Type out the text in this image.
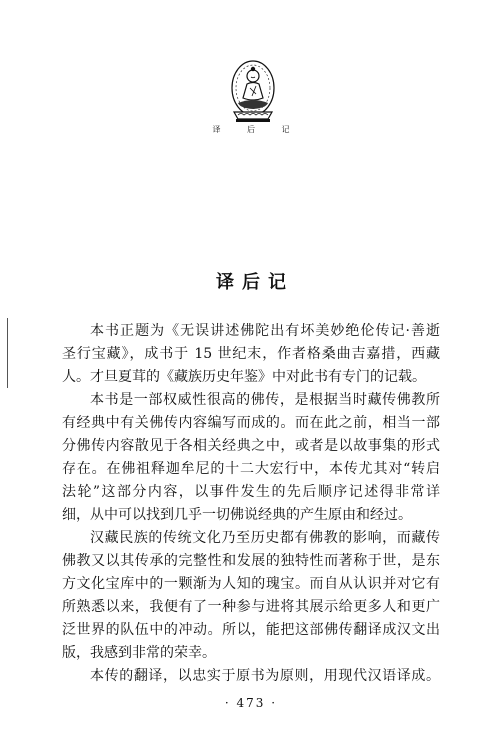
译 后 记
译后记
本书正题为《无误讲述佛陀出有坏美妙绝伦传记·善逝
圣行宝藏》，成书于 15 世纪末，作者格桑曲吉嘉措，西藏
人。才旦夏茸的《藏族历史年鉴》中对此书有专门的记载。
本书是一部权威性很高的佛传，是根据当时藏传佛教所
有经典中有关佛传内容编写而成的。而在此之前，相当一部
分佛传内容散见于各相关经典之中，或者是以故事集的形式
存在。在佛祖释迦牟尼的十二大宏行中，本传尤其对“转启
法轮”这部分内容，以事件发生的先后顺序记述得非常详
细，从中可以找到几乎一切佛说经典的产生原由和经过。
汉藏民族的传统文化乃至历史都有佛教的影响，而藏传
佛教又以其传承的完整性和发展的独特性而著称于世，是东
方文化宝库中的一颗渐为人知的瑰宝。而自从认识并对它有
所熟悉以来，我便有了一种参与进将其展示给更多人和更广
泛世界的队伍中的冲动。所以，能把这部佛传翻译成汉文出
版，我感到非常的荣幸。
本传的翻译，以忠实于原书为原则，用现代汉语译成。
· 473 ·
